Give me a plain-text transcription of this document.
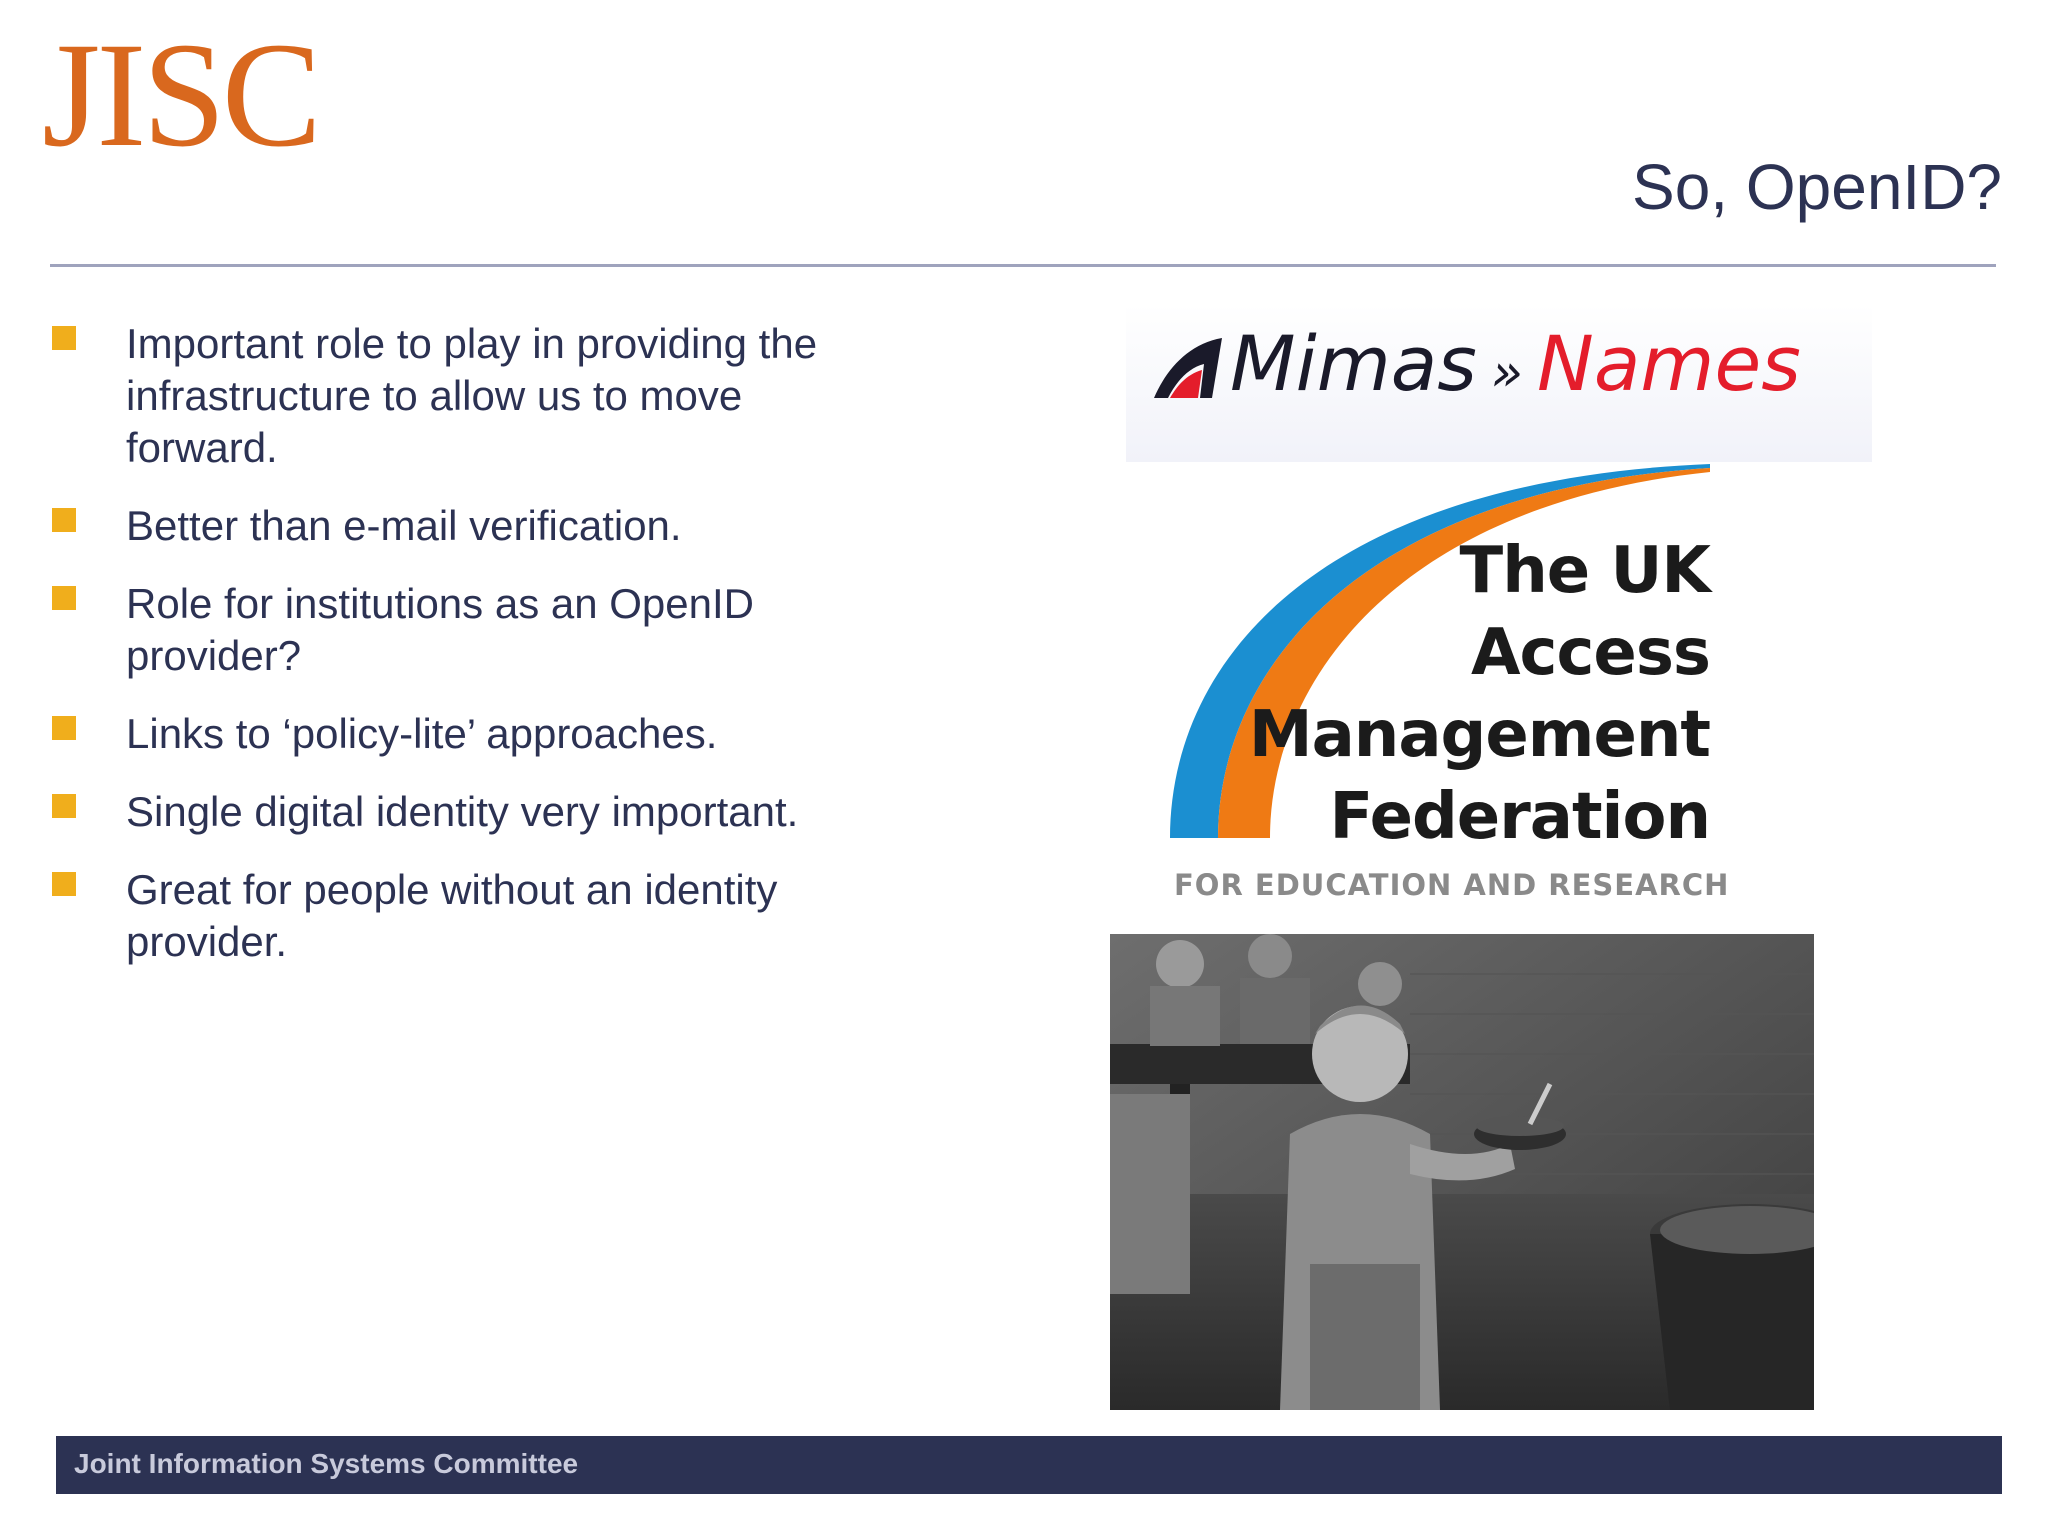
JISC
So, OpenID?
Important role to play in providing the infrastructure to allow us to move forward.
Better than e-mail verification.
Role for institutions as an OpenID provider?
Links to ‘policy-lite’ approaches.
Single digital identity very important.
Great for people without an identity provider.
Mimas » Names
The UK
Access
Management
Federation
FOR EDUCATION AND RESEARCH
Joint Information Systems Committee
